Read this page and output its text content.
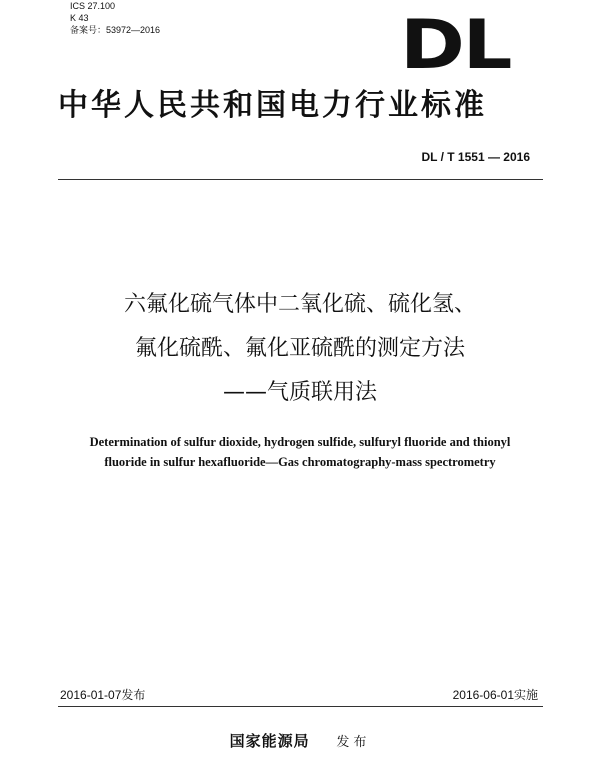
ICS 27.100
K 43
备案号：53972—2016	DL
中华人民共和国电力行业标准
DL / T 1551 — 2016
六氟化硫气体中二氧化硫、硫化氢、
氟化硫酰、氟化亚硫酰的测定方法
——气质联用法
Determination of sulfur dioxide, hydrogen sulfide, sulfuryl fluoride and thionyl
fluoride in sulfur hexafluoride—Gas chromatography-mass spectrometry
2016-01-07发布	2016-06-01实施
国家能源局 发布
